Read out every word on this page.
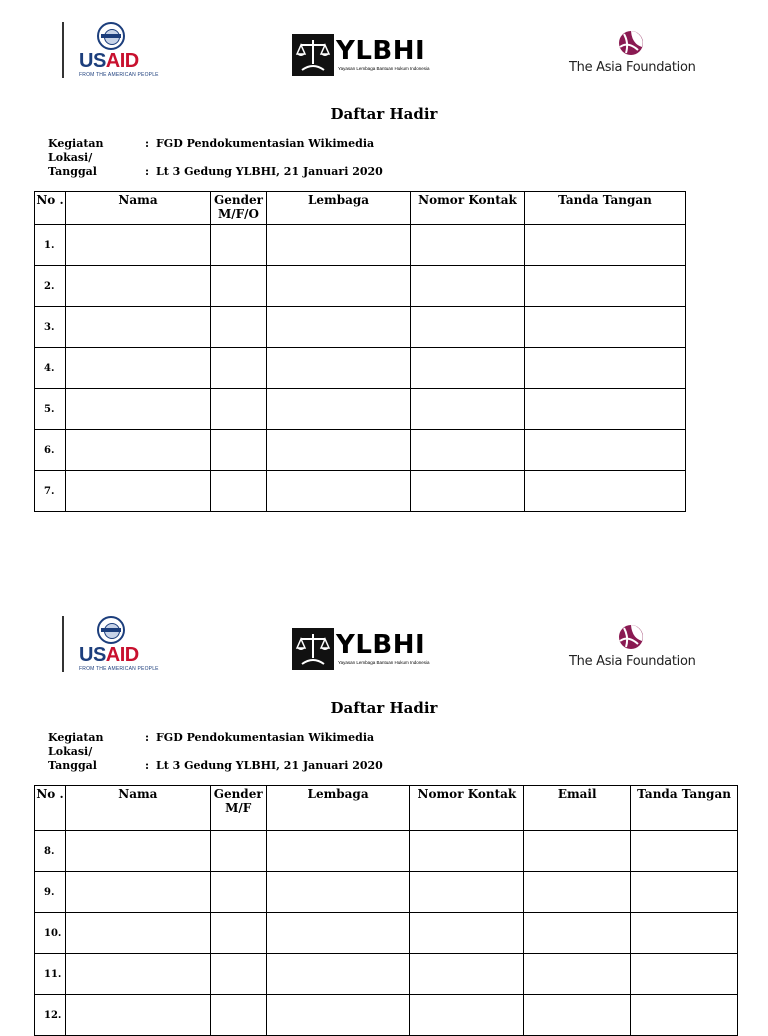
USAID
FROM THE AMERICAN PEOPLE
YLBHI
Yayasan Lembaga Bantuan Hukum Indonesia	The Asia Foundation
Daftar Hadir
Kegiatan	: FGD Pendokumentasian Wikimedia
Lokasi/
Tanggal	: Lt 3 Gedung YLBHI, 21 Januari 2020
No .	Nama	Gender M/F/O	Lembaga	Nomor Kontak	Tanda Tangan
1.					
2.					
3.					
4.					
5.					
6.					
7.					
USAID
FROM THE AMERICAN PEOPLE
YLBHI
Yayasan Lembaga Bantuan Hukum Indonesia	The Asia Foundation
Daftar Hadir
Kegiatan	: FGD Pendokumentasian Wikimedia
Lokasi/
Tanggal	: Lt 3 Gedung YLBHI, 21 Januari 2020
No .	Nama	Gender M/F	Lembaga	Nomor Kontak	Email	Tanda Tangan
8.						
9.						
10.						
11.						
12.						
